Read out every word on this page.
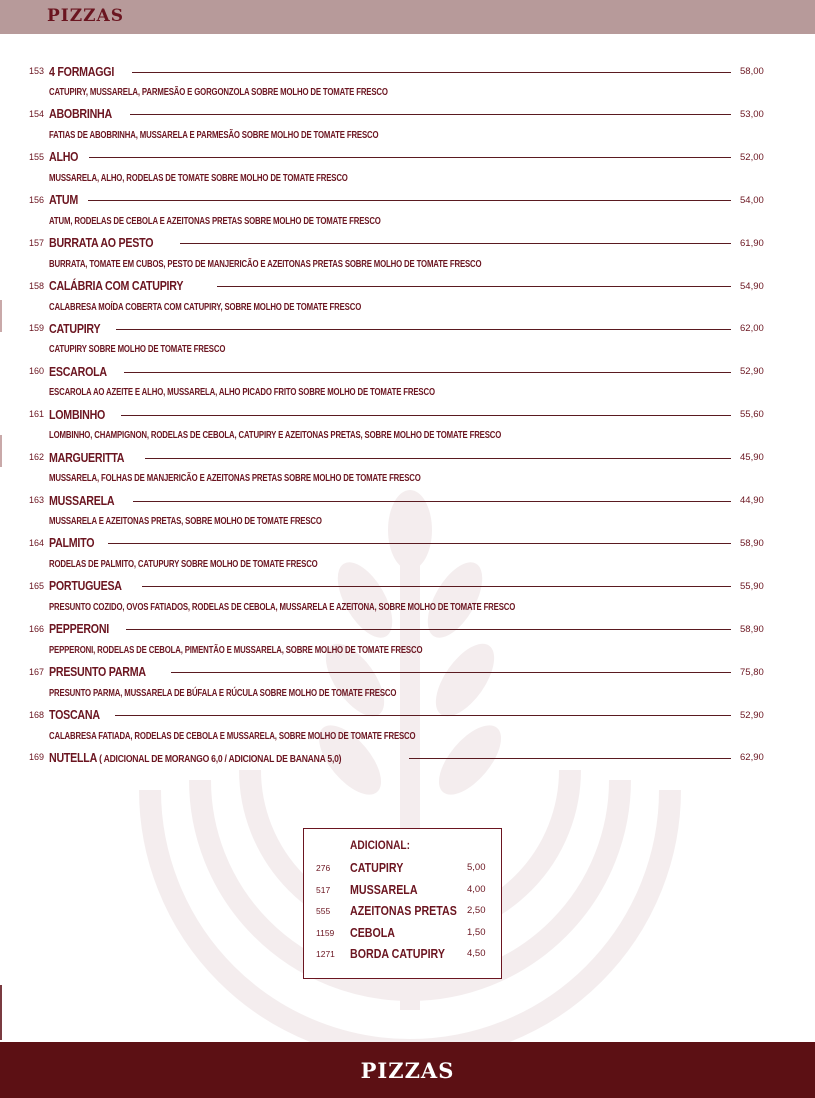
PIZZAS
153 4 FORMAGGI	58,00
CATUPIRY, MUSSARELA, PARMESÃO E GORGONZOLA SOBRE MOLHO DE TOMATE FRESCO
154 ABOBRINHA	53,00
FATIAS DE ABOBRINHA, MUSSARELA E PARMESÃO SOBRE MOLHO DE TOMATE FRESCO
155 ALHO	52,00
MUSSARELA, ALHO, RODELAS DE TOMATE SOBRE MOLHO DE TOMATE FRESCO
156 ATUM	54,00
ATUM, RODELAS DE CEBOLA E AZEITONAS PRETAS SOBRE MOLHO DE TOMATE FRESCO
157 BURRATA AO PESTO	61,90
BURRATA, TOMATE EM CUBOS, PESTO DE MANJERICÃO E AZEITONAS PRETAS SOBRE MOLHO DE TOMATE FRESCO
158 CALÁBRIA COM CATUPIRY	54,90
CALABRESA MOÍDA COBERTA COM CATUPIRY, SOBRE MOLHO DE TOMATE FRESCO
159 CATUPIRY	62,00
CATUPIRY SOBRE MOLHO DE TOMATE FRESCO
160 ESCAROLA	52,90
ESCAROLA AO AZEITE E ALHO, MUSSARELA, ALHO PICADO FRITO SOBRE MOLHO DE TOMATE FRESCO
161 LOMBINHO	55,60
LOMBINHO, CHAMPIGNON, RODELAS DE CEBOLA, CATUPIRY E AZEITONAS PRETAS, SOBRE MOLHO DE TOMATE FRESCO
162 MARGUERITTA	45,90
MUSSARELA, FOLHAS DE MANJERICÃO E AZEITONAS PRETAS SOBRE MOLHO DE TOMATE FRESCO
163 MUSSARELA	44,90
MUSSARELA E AZEITONAS PRETAS, SOBRE MOLHO DE TOMATE FRESCO
164 PALMITO	58,90
RODELAS DE PALMITO, CATUPURY SOBRE MOLHO DE TOMATE FRESCO
165 PORTUGUESA	55,90
PRESUNTO COZIDO, OVOS FATIADOS, RODELAS DE CEBOLA, MUSSARELA E AZEITONA, SOBRE MOLHO DE TOMATE FRESCO
166 PEPPERONI	58,90
PEPPERONI, RODELAS DE CEBOLA, PIMENTÃO E MUSSARELA, SOBRE MOLHO DE TOMATE FRESCO
167 PRESUNTO PARMA	75,80
PRESUNTO PARMA, MUSSARELA DE BÚFALA E RÚCULA SOBRE MOLHO DE TOMATE FRESCO
168 TOSCANA	52,90
CALABRESA FATIADA, RODELAS DE CEBOLA E MUSSARELA, SOBRE MOLHO DE TOMATE FRESCO
169 NUTELLA ( ADICIONAL DE MORANGO 6,0 / ADICIONAL DE BANANA 5,0)	62,90
ADICIONAL:
276 CATUPIRY	5,00
517 MUSSARELA	4,00
555 AZEITONAS PRETAS 2,50
1159 CEBOLA	1,50
1271 BORDA CATUPIRY 4,50
PIZZAS
